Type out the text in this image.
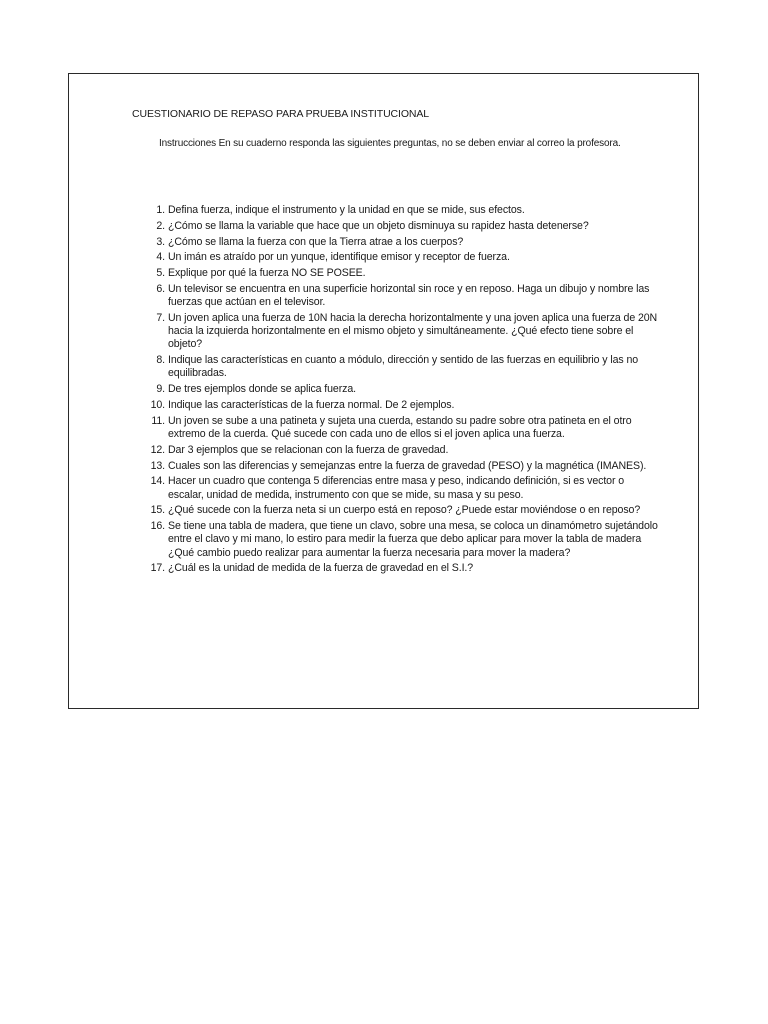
CUESTIONARIO DE REPASO PARA PRUEBA INSTITUCIONAL
Instrucciones En su cuaderno responda las siguientes preguntas, no se deben enviar al correo la profesora.
1. Defina fuerza, indique el instrumento y la unidad en que se mide, sus efectos.
2. ¿Cómo se llama la variable que hace que un objeto disminuya su rapidez hasta detenerse?
3. ¿Cómo se llama la fuerza con que la Tierra atrae a los cuerpos?
4. Un imán es atraído por un yunque, identifique emisor y receptor de fuerza.
5. Explique por qué la fuerza NO SE POSEE.
6. Un televisor se encuentra en una superficie horizontal sin roce y en reposo. Haga un dibujo y nombre las fuerzas que actúan en el televisor.
7. Un joven aplica una fuerza de 10N hacia la derecha horizontalmente y una joven aplica una fuerza de 20N hacia la izquierda horizontalmente en el mismo objeto y simultáneamente. ¿Qué efecto tiene sobre el objeto?
8. Indique las características en cuanto a módulo, dirección y sentido de las fuerzas en equilibrio y las no equilibradas.
9. De tres ejemplos donde se aplica fuerza.
10. Indique las características de la fuerza normal. De 2 ejemplos.
11. Un joven se sube a una patineta y sujeta una cuerda, estando su padre sobre otra patineta en el otro extremo de la cuerda. Qué sucede con cada uno de ellos si el joven aplica una fuerza.
12. Dar 3 ejemplos que se relacionan con la fuerza de gravedad.
13. Cuales son las diferencias y semejanzas entre la fuerza de gravedad (PESO) y la magnética (IMANES).
14. Hacer un cuadro que contenga 5 diferencias entre masa y peso, indicando definición, si es vector o escalar, unidad de medida, instrumento con que se mide, su masa y su peso.
15. ¿Qué sucede con la fuerza neta si un cuerpo está en reposo? ¿Puede estar moviéndose o en reposo?
16. Se tiene una tabla de madera, que tiene un clavo, sobre una mesa, se coloca un dinamómetro sujetándolo entre el clavo y mi mano, lo estiro para medir la fuerza que debo aplicar para mover la tabla de madera ¿Qué cambio puedo realizar para aumentar la fuerza necesaria para mover la madera?
17. ¿Cuál es la unidad de medida de la fuerza de gravedad en el S.I.?
